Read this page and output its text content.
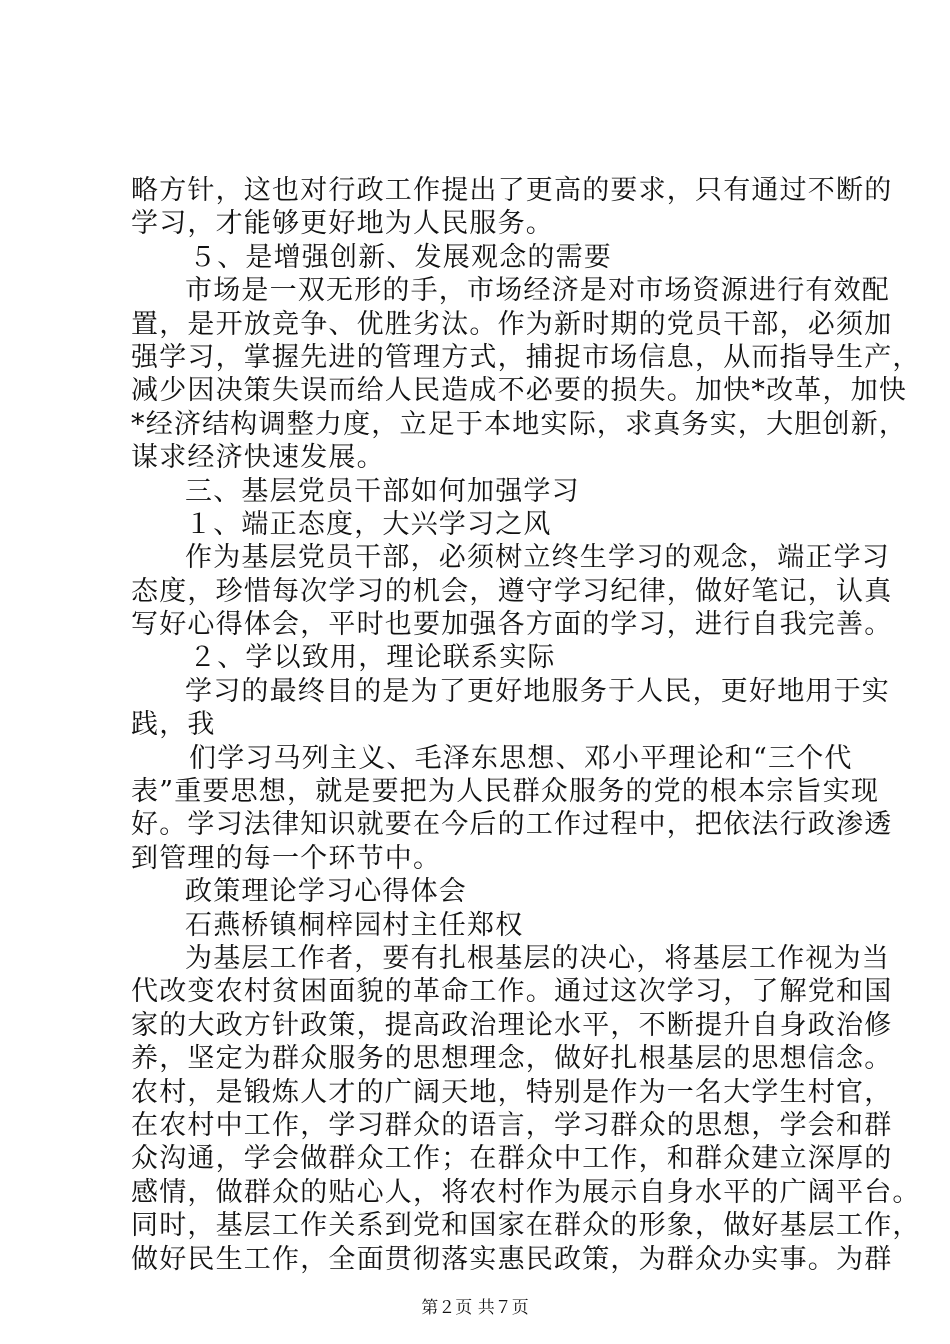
略方针，这也对行政工作提出了更高的要求，只有通过不断的
学习，才能够更好地为人民服务。
５、是增强创新、发展观念的需要
市场是一双无形的手，市场经济是对市场资源进行有效配
置，是开放竞争、优胜劣汰。作为新时期的党员干部，必须加
强学习，掌握先进的管理方式，捕捉市场信息，从而指导生产，
减少因决策失误而给人民造成不必要的损失。加快*改革，加快
*经济结构调整力度，立足于本地实际，求真务实，大胆创新，
谋求经济快速发展。
三、基层党员干部如何加强学习
１、端正态度，大兴学习之风
作为基层党员干部，必须树立终生学习的观念，端正学习
态度，珍惜每次学习的机会，遵守学习纪律，做好笔记，认真
写好心得体会，平时也要加强各方面的学习，进行自我完善。
２、学以致用，理论联系实际
学习的最终目的是为了更好地服务于人民，更好地用于实
践，我
们学习马列主义、毛泽东思想、邓小平理论和“三个代
表”重要思想，就是要把为人民群众服务的党的根本宗旨实现
好。学习法律知识就要在今后的工作过程中，把依法行政渗透
到管理的每一个环节中。
政策理论学习心得体会
石燕桥镇桐梓园村主任郑权
为基层工作者，要有扎根基层的决心，将基层工作视为当
代改变农村贫困面貌的革命工作。通过这次学习，了解党和国
家的大政方针政策，提高政治理论水平，不断提升自身政治修
养，坚定为群众服务的思想理念，做好扎根基层的思想信念。
农村，是锻炼人才的广阔天地，特别是作为一名大学生村官，
在农村中工作，学习群众的语言，学习群众的思想，学会和群
众沟通，学会做群众工作；在群众中工作，和群众建立深厚的
感情，做群众的贴心人，将农村作为展示自身水平的广阔平台。
同时，基层工作关系到党和国家在群众的形象，做好基层工作，
做好民生工作，全面贯彻落实惠民政策，为群众办实事。为群
第２页 共７页
